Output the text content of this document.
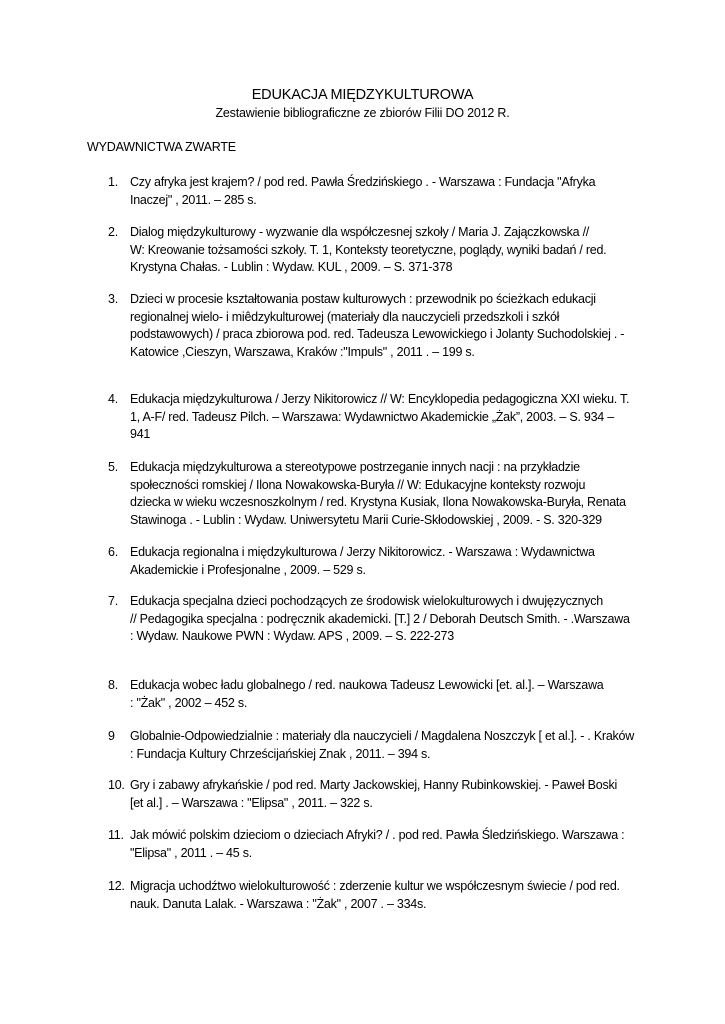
EDUKACJA MIĘDZYKULTUROWA
Zestawienie bibliograficzne ze zbiorów Filii DO 2012 R.
WYDAWNICTWA ZWARTE
1. Czy afryka jest krajem? / pod red. Pawła Średzińskiego . - Warszawa : Fundacja "Afryka
Inaczej" , 2011. – 285 s.
2. Dialog międzykulturowy - wyzwanie dla współczesnej szkoły / Maria J. Zajączkowska //
W: Kreowanie tożsamości szkoły. T. 1, Konteksty teoretyczne, poglądy, wyniki badań / red.
Krystyna Chałas. - Lublin : Wydaw. KUL , 2009. – S. 371-378
3. Dzieci w procesie kształtowania postaw kulturowych : przewodnik po ścieżkach edukacji
regionalnej wielo- i miêdzykulturowej (materiały dla nauczycieli przedszkoli i szkół
podstawowych) / praca zbiorowa pod. red. Tadeusza Lewowickiego i Jolanty Suchodolskiej . -
Katowice ,Cieszyn, Warszawa, Kraków :"Impuls" , 2011 . – 199 s.
4. Edukacja międzykulturowa / Jerzy Nikitorowicz // W: Encyklopedia pedagogiczna XXI wieku. T.
1, A-F/ red. Tadeusz Pilch. – Warszawa: Wydawnictwo Akademickie „Żak”, 2003. – S. 934 –
941
5. Edukacja międzykulturowa a stereotypowe postrzeganie innych nacji : na przykładzie
społeczności romskiej / Ilona Nowakowska-Buryła // W: Edukacyjne konteksty rozwoju
dziecka w wieku wczesnoszkolnym / red. Krystyna Kusiak, Ilona Nowakowska-Buryła, Renata
Stawinoga . - Lublin : Wydaw. Uniwersytetu Marii Curie-Skłodowskiej , 2009. - S. 320-329
6. Edukacja regionalna i międzykulturowa / Jerzy Nikitorowicz. - Warszawa : Wydawnictwa
Akademickie i Profesjonalne , 2009. – 529 s.
7. Edukacja specjalna dzieci pochodzących ze środowisk wielokulturowych i dwujęzycznych
// Pedagogika specjalna : podręcznik akademicki. [T.] 2 / Deborah Deutsch Smith. - .Warszawa
: Wydaw. Naukowe PWN : Wydaw. APS , 2009. – S. 222-273
8. Edukacja wobec ładu globalnego / red. naukowa Tadeusz Lewowicki [et. al.]. – Warszawa
: "Żak" , 2002 – 452 s.
9	Globalnie-Odpowiedzialnie : materiały dla nauczycieli / Magdalena Noszczyk [ et al.]. - . Kraków
: Fundacja Kultury Chrześcijańskiej Znak , 2011. – 394 s.
10. Gry i zabawy afrykańskie / pod red. Marty Jackowskiej, Hanny Rubinkowskiej. - Paweł Boski
[et al.] . – Warszawa : "Elipsa" , 2011. – 322 s.
11. Jak mówić polskim dzieciom o dzieciach Afryki? / . pod red. Pawła Śledzińskiego. Warszawa :
"Elipsa" , 2011 . – 45 s.
12. Migracja uchodźtwo wielokulturowość : zderzenie kultur we współczesnym świecie / pod red.
nauk. Danuta Lalak. - Warszawa : "Żak" , 2007 . – 334s.
